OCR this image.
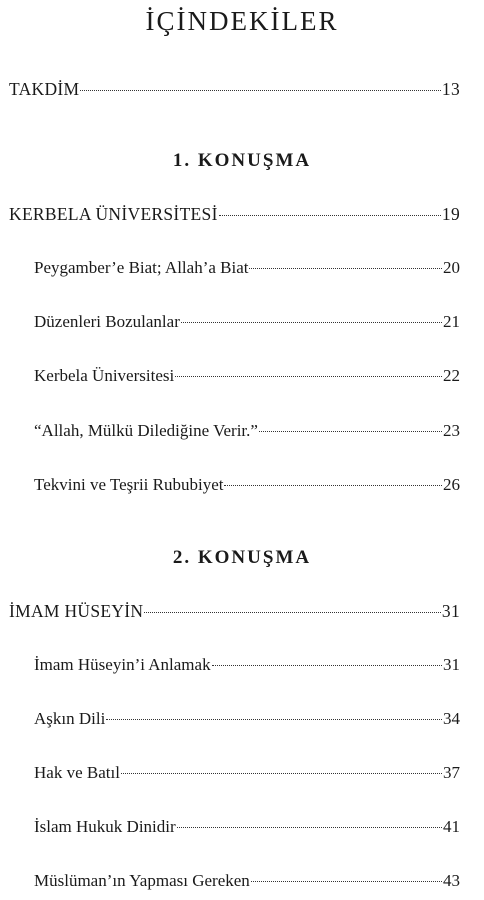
İÇİNDEKİLER
TAKDİM	13
1. KONUŞMA
KERBELA ÜNİVERSİTESİ	19
Peygamber’e Biat; Allah’a Biat	20
Düzenleri Bozulanlar	21
Kerbela Üniversitesi	22
“Allah, Mülkü Dilediğine Verir.”	23
Tekvini ve Teşrii Rububiyet	26
2. KONUŞMA
İMAM HÜSEYİN	31
İmam Hüseyin’i Anlamak	31
Aşkın Dili	34
Hak ve Batıl	37
İslam Hukuk Dinidir	41
Müslüman’ın Yapması Gereken	43
